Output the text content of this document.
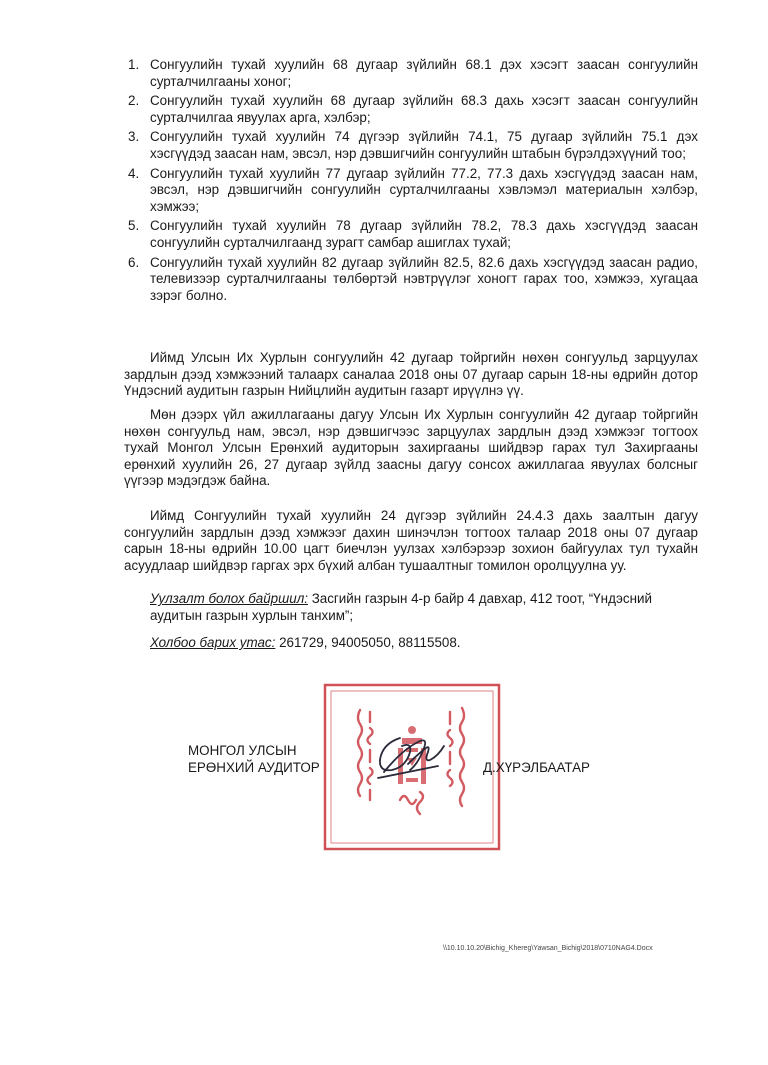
1. Сонгуулийн тухай хуулийн 68 дугаар зүйлийн 68.1 дэх хэсэгт заасан сонгуулийн сурталчилгааны хоног;
2. Сонгуулийн тухай хуулийн 68 дугаар зүйлийн 68.3 дахь хэсэгт заасан сонгуулийн сурталчилгаа явуулах арга, хэлбэр;
3. Сонгуулийн тухай хуулийн 74 дүгээр зүйлийн 74.1, 75 дугаар зүйлийн 75.1 дэх хэсгүүдэд заасан нам, эвсэл, нэр дэвшигчийн сонгуулийн штабын бүрэлдэхүүний тоо;
4. Сонгуулийн тухай хуулийн 77 дугаар зүйлийн 77.2, 77.3 дахь хэсгүүдэд заасан нам, эвсэл, нэр дэвшигчийн сонгуулийн сурталчилгааны хэвлэмэл материалын хэлбэр, хэмжээ;
5. Сонгуулийн тухай хуулийн 78 дугаар зүйлийн 78.2, 78.3 дахь хэсгүүдэд заасан сонгуулийн сурталчилгаанд зурагт самбар ашиглах тухай;
6. Сонгуулийн тухай хуулийн 82 дугаар зүйлийн 82.5, 82.6 дахь хэсгүүдэд заасан радио, телевизээр сурталчилгааны төлбөртэй нэвтрүүлэг хоногт гарах тоо, хэмжээ, хугацаа зэрэг болно.

Иймд Улсын Их Хурлын сонгуулийн 42 дугаар тойргийн нөхөн сонгуульд зарцуулах зардлын дээд хэмжээний талаарх саналаа 2018 оны 07 дугаар сарын 18-ны өдрийн дотор Үндэсний аудитын газрын Нийцлийн аудитын газарт ирүүлнэ үү.

Мөн дээрх үйл ажиллагааны дагуу Улсын Их Хурлын сонгуулийн 42 дугаар тойргийн нөхөн сонгуульд нам, эвсэл, нэр дэвшигчээс зарцуулах зардлын дээд хэмжээг тогтоох тухай Монгол Улсын Ерөнхий аудиторын захиргааны шийдвэр гарах тул Захиргааны ерөнхий хуулийн 26, 27 дугаар зүйлд заасны дагуу сонсох ажиллагаа явуулах болсныг үүгээр мэдэгдэж байна.

Иймд Сонгуулийн тухай хуулийн 24 дүгээр зүйлийн 24.4.3 дахь заалтын дагуу сонгуулийн зардлын дээд хэмжээг дахин шинэчлэн тогтоох талаар 2018 оны 07 дугаар сарын 18-ны өдрийн 10.00 цагт биечлэн уулзах хэлбэрээр зохион байгуулах тул тухайн асуудлаар шийдвэр гаргах эрх бүхий албан тушаалтныг томилон оролцуулна уу.

Уулзалт болох байршил: Засгийн газрын 4-р байр 4 давхар, 412 тоот, “Үндэсний аудитын газрын хурлын танхим”;

Холбоо барих утас: 261729, 94005050, 88115508.

МОНГОЛ УЛСЫН
ЕРӨНХИЙ АУДИТОР	Д.ХҮРЭЛБААТАР
\\10.10.10.20\Bichig_Khereg\Yawsan_Bichig\2018\0710NAG4.Docx
